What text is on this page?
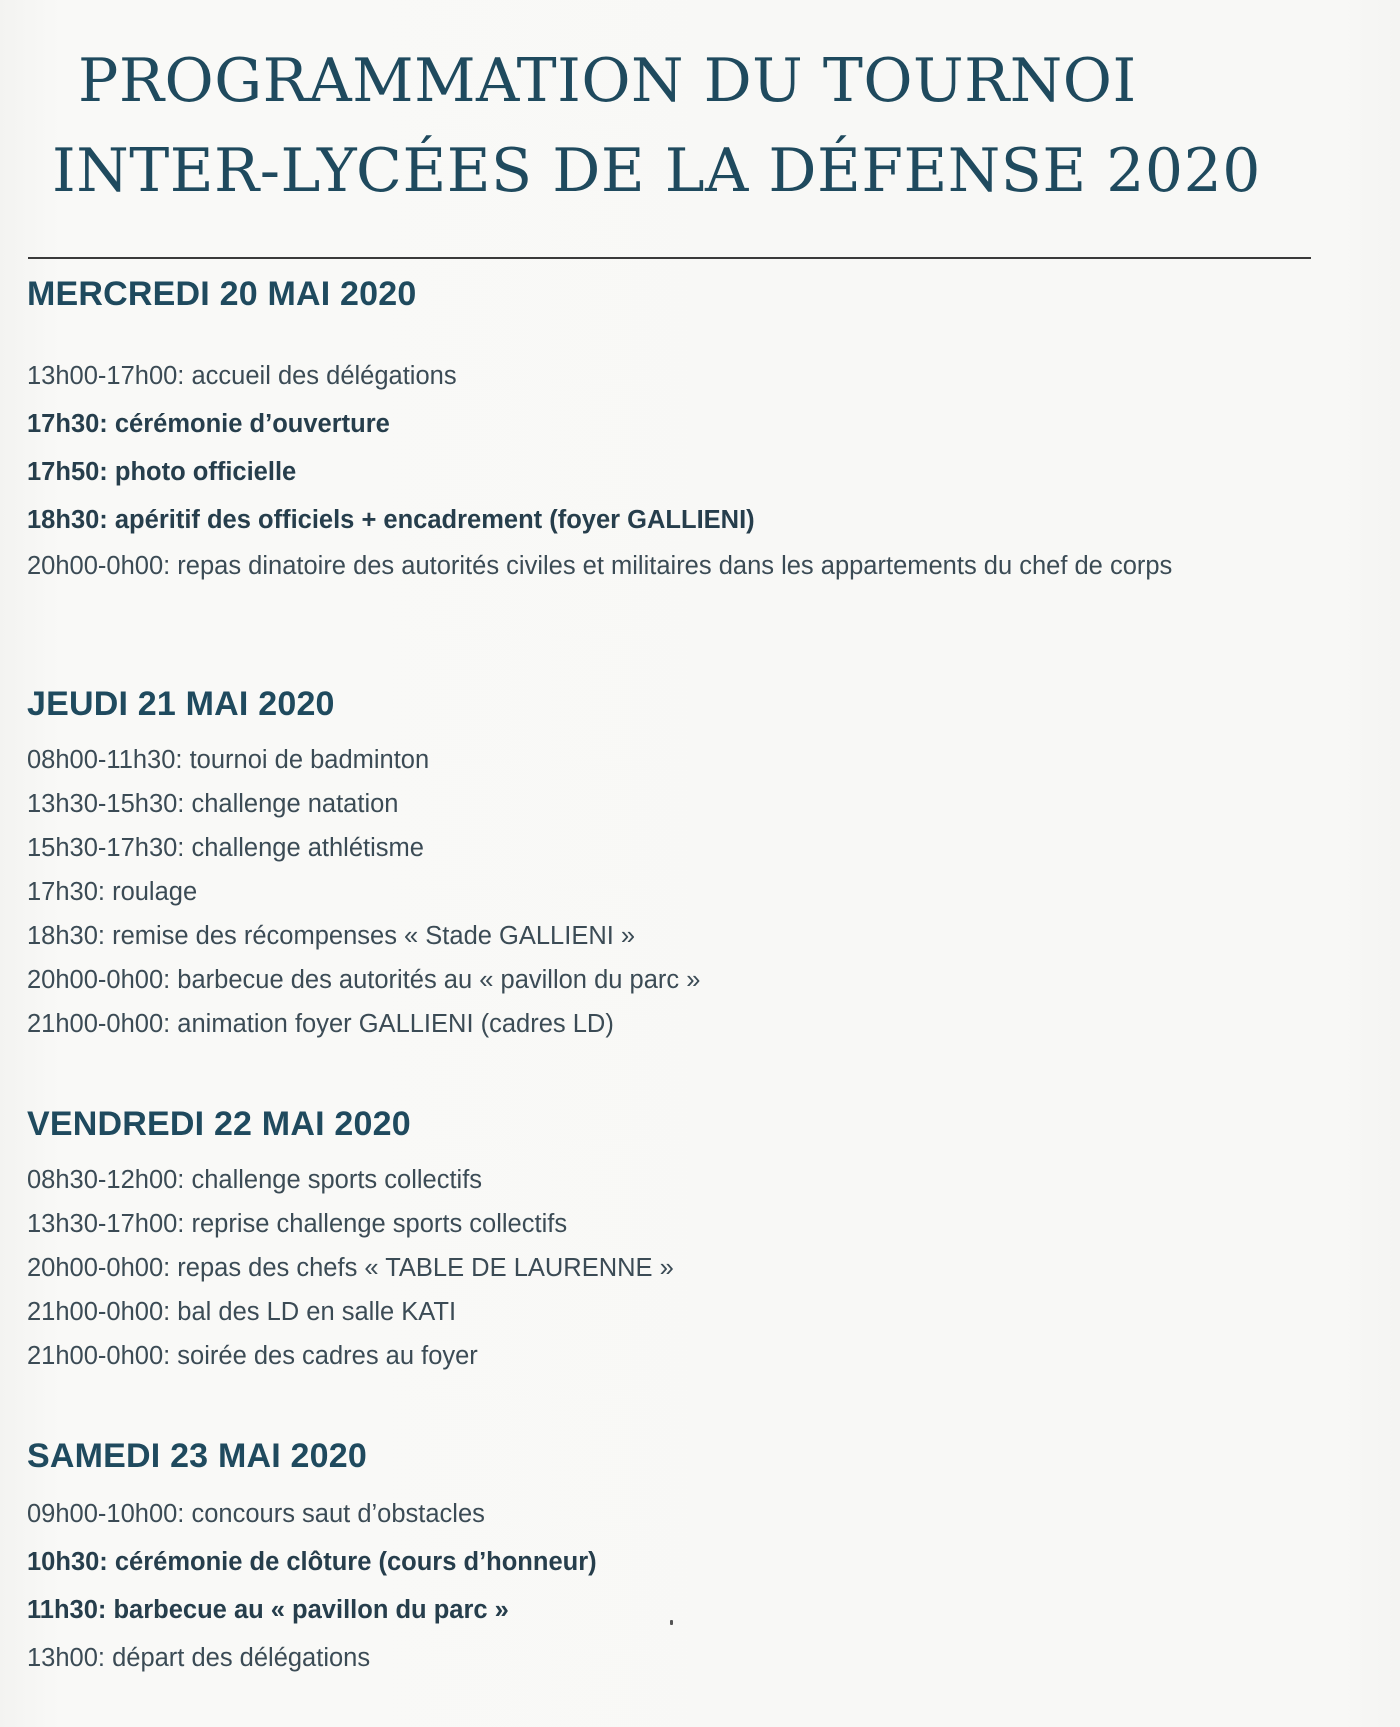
PROGRAMMATION DU TOURNOI
INTER-LYCÉES DE LA DÉFENSE 2020
MERCREDI 20 MAI 2020
13h00-17h00: accueil des délégations
17h30: cérémonie d’ouverture
17h50: photo officielle
18h30: apéritif des officiels + encadrement (foyer GALLIENI)
20h00-0h00: repas dinatoire des autorités civiles et militaires dans les appartements du chef de corps
JEUDI 21 MAI 2020
08h00-11h30: tournoi de badminton
13h30-15h30: challenge natation
15h30-17h30: challenge athlétisme
17h30: roulage
18h30: remise des récompenses « Stade GALLIENI »
20h00-0h00: barbecue des autorités au « pavillon du parc »
21h00-0h00: animation foyer GALLIENI (cadres LD)
VENDREDI 22 MAI 2020
08h30-12h00: challenge sports collectifs
13h30-17h00: reprise challenge sports collectifs
20h00-0h00: repas des chefs « TABLE DE LAURENNE »
21h00-0h00: bal des LD en salle KATI
21h00-0h00: soirée des cadres au foyer
SAMEDI 23 MAI 2020
09h00-10h00: concours saut d’obstacles
10h30: cérémonie de clôture (cours d’honneur)
11h30: barbecue au « pavillon du parc »
13h00: départ des délégations
